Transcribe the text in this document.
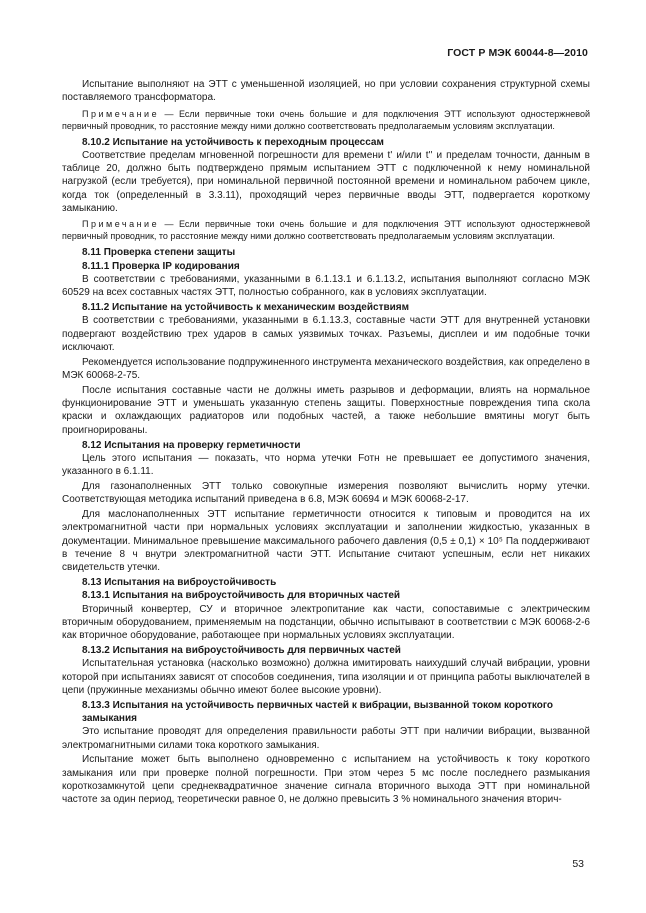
ГОСТ Р МЭК 60044-8—2010
Испытание выполняют на ЭТТ с уменьшенной изоляцией, но при условии сохранения структурной схемы поставляемого трансформатора.
Примечание — Если первичные токи очень большие и для подключения ЭТТ используют одностержневой первичный проводник, то расстояние между ними должно соответствовать предполагаемым условиям эксплуатации.
8.10.2 Испытание на устойчивость к переходным процессам
Соответствие пределам мгновенной погрешности для времени t' и/или t'' и пределам точности, данным в таблице 20, должно быть подтверждено прямым испытанием ЭТТ с подключенной к нему номинальной нагрузкой (если требуется), при номинальной первичной постоянной времени и номинальном рабочем цикле, когда ток (определенный в 3.3.11), проходящий через первичные вводы ЭТТ, подвергается короткому замыканию.
Примечание — Если первичные токи очень большие и для подключения ЭТТ используют одностержневой первичный проводник, то расстояние между ними должно соответствовать предполагаемым условиям эксплуатации.
8.11 Проверка степени защиты
8.11.1 Проверка IP кодирования
В соответствии с требованиями, указанными в 6.1.13.1 и 6.1.13.2, испытания выполняют согласно МЭК 60529 на всех составных частях ЭТТ, полностью собранного, как в условиях эксплуатации.
8.11.2 Испытание на устойчивость к механическим воздействиям
В соответствии с требованиями, указанными в 6.1.13.3, составные части ЭТТ для внутренней установки подвергают воздействию трех ударов в самых уязвимых точках. Разъемы, дисплеи и им подобные точки исключают.
Рекомендуется использование подпружиненного инструмента механического воздействия, как определено в МЭК 60068-2-75.
После испытания составные части не должны иметь разрывов и деформации, влиять на нормальное функционирование ЭТТ и уменьшать указанную степень защиты. Поверхностные повреждения типа скола краски и охлаждающих радиаторов или подобных частей, а также небольшие вмятины могут быть проигнорированы.
8.12 Испытания на проверку герметичности
Цель этого испытания — показать, что норма утечки Fотн не превышает ее допустимого значения, указанного в 6.1.11.
Для газонаполненных ЭТТ только совокупные измерения позволяют вычислить норму утечки. Соответствующая методика испытаний приведена в 6.8, МЭК 60694 и МЭК 60068-2-17.
Для маслонаполненных ЭТТ испытание герметичности относится к типовым и проводится на их электромагнитной части при нормальных условиях эксплуатации и заполнении жидкостью, указанных в документации. Минимальное превышение максимального рабочего давления (0,5 ± 0,1) × 10⁵ Па поддерживают в течение 8 ч внутри электромагнитной части ЭТТ. Испытание считают успешным, если нет никаких свидетельств утечки.
8.13 Испытания на виброустойчивость
8.13.1 Испытания на виброустойчивость для вторичных частей
Вторичный конвертер, СУ и вторичное электропитание как части, сопоставимые с электрическим вторичным оборудованием, применяемым на подстанции, обычно испытывают в соответствии с МЭК 60068-2-6 как вторичное оборудование, работающее при нормальных условиях эксплуатации.
8.13.2 Испытания на виброустойчивость для первичных частей
Испытательная установка (насколько возможно) должна имитировать наихудший случай вибрации, уровни которой при испытаниях зависят от способов соединения, типа изоляции и от принципа работы выключателей в цепи (пружинные механизмы обычно имеют более высокие уровни).
8.13.3 Испытания на устойчивость первичных частей к вибрации, вызванной током короткого замыкания
Это испытание проводят для определения правильности работы ЭТТ при наличии вибрации, вызванной электромагнитными силами тока короткого замыкания.
Испытание может быть выполнено одновременно с испытанием на устойчивость к току короткого замыкания или при проверке полной погрешности. При этом через 5 мс после последнего размыкания короткозамкнутой цепи среднеквадратичное значение сигнала вторичного выхода ЭТТ при номинальной частоте за один период, теоретически равное 0, не должно превысить 3 % номинального значения вторич-
53
